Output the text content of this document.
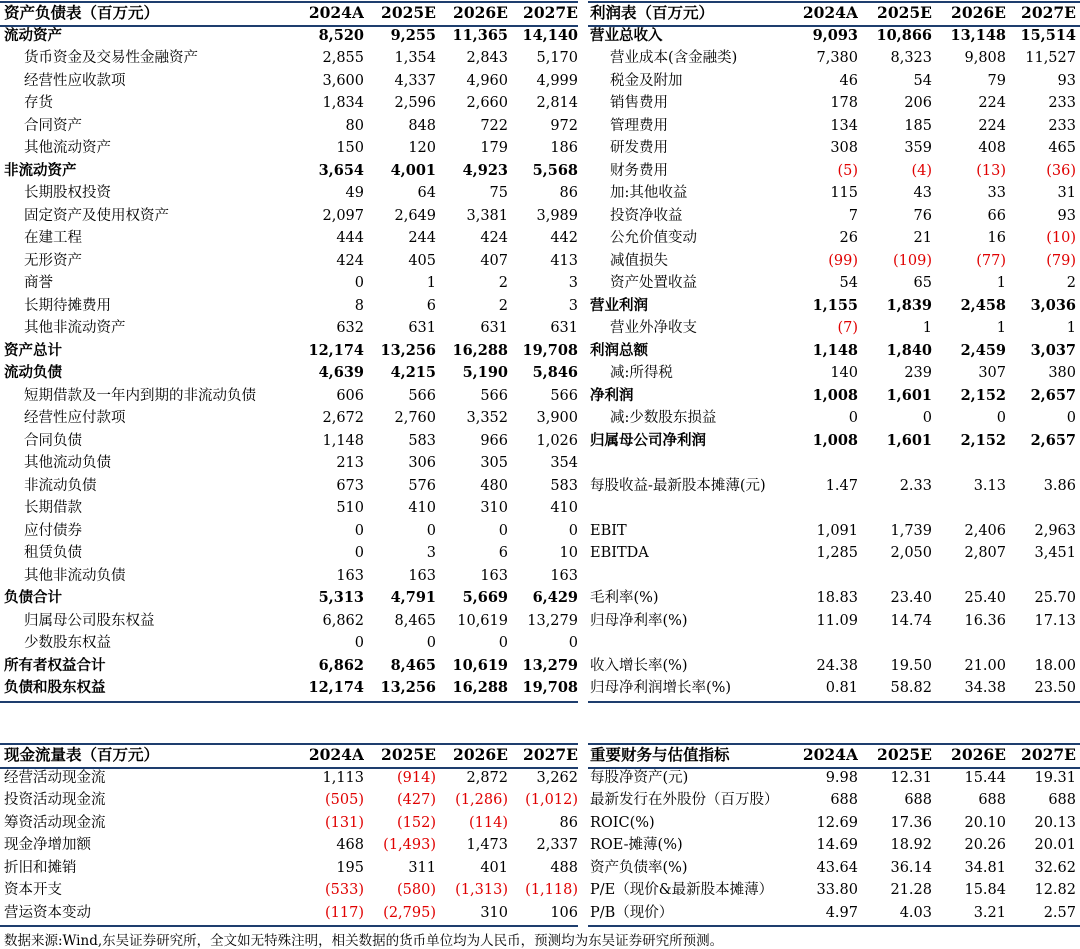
资产负债表（百万元）	2024A	2025E	2026E	2027E
流动资产	8,520	9,255	11,365	14,140
货币资金及交易性金融资产	2,855	1,354	2,843	5,170
经营性应收款项	3,600	4,337	4,960	4,999
存货	1,834	2,596	2,660	2,814
合同资产	80	848	722	972
其他流动资产	150	120	179	186
非流动资产	3,654	4,001	4,923	5,568
长期股权投资	49	64	75	86
固定资产及使用权资产	2,097	2,649	3,381	3,989
在建工程	444	244	424	442
无形资产	424	405	407	413
商誉	0	1	2	3
长期待摊费用	8	6	2	3
其他非流动资产	632	631	631	631
资产总计	12,174	13,256	16,288	19,708
流动负债	4,639	4,215	5,190	5,846
短期借款及一年内到期的非流动负债	606	566	566	566
经营性应付款项	2,672	2,760	3,352	3,900
合同负债	1,148	583	966	1,026
其他流动负债	213	306	305	354
非流动负债	673	576	480	583
长期借款	510	410	310	410
应付债券	0	0	0	0
租赁负债	0	3	6	10
其他非流动负债	163	163	163	163
负债合计	5,313	4,791	5,669	6,429
归属母公司股东权益	6,862	8,465	10,619	13,279
少数股东权益	0	0	0	0
所有者权益合计	6,862	8,465	10,619	13,279
负债和股东权益	12,174	13,256	16,288	19,708
利润表（百万元）	2024A	2025E	2026E	2027E
营业总收入	9,093	10,866	13,148	15,514
营业成本(含金融类)	7,380	8,323	9,808	11,527
税金及附加	46	54	79	93
销售费用	178	206	224	233
管理费用	134	185	224	233
研发费用	308	359	408	465
财务费用	(5)	(4)	(13)	(36)
加:其他收益	115	43	33	31
投资净收益	7	76	66	93
公允价值变动	26	21	16	(10)
减值损失	(99)	(109)	(77)	(79)
资产处置收益	54	65	1	2
营业利润	1,155	1,839	2,458	3,036
营业外净收支	(7)	1	1	1
利润总额	1,148	1,840	2,459	3,037
减:所得税	140	239	307	380
净利润	1,008	1,601	2,152	2,657
减:少数股东损益	0	0	0	0
归属母公司净利润	1,008	1,601	2,152	2,657

每股收益-最新股本摊薄(元)	1.47	2.33	3.13	3.86

EBIT	1,091	1,739	2,406	2,963
EBITDA	1,285	2,050	2,807	3,451

毛利率(%)	18.83	23.40	25.40	25.70
归母净利率(%)	11.09	14.74	16.36	17.13

收入增长率(%)	24.38	19.50	21.00	18.00
归母净利润增长率(%)	0.81	58.82	34.38	23.50
现金流量表（百万元）	2024A	2025E	2026E	2027E
经营活动现金流	1,113	(914)	2,872	3,262
投资活动现金流	(505)	(427)	(1,286)	(1,012)
筹资活动现金流	(131)	(152)	(114)	86
现金净增加额	468	(1,493)	1,473	2,337
折旧和摊销	195	311	401	488
资本开支	(533)	(580)	(1,313)	(1,118)
营运资本变动	(117)	(2,795)	310	106
重要财务与估值指标	2024A	2025E	2026E	2027E
每股净资产(元)	9.98	12.31	15.44	19.31
最新发行在外股份（百万股）	688	688	688	688
ROIC(%)	12.69	17.36	20.10	20.13
ROE-摊薄(%)	14.69	18.92	20.26	20.01
资产负债率(%)	43.64	36.14	34.81	32.62
P/E（现价&最新股本摊薄）	33.80	21.28	15.84	12.82
P/B（现价）	4.97	4.03	3.21	2.57
数据来源:Wind,东吴证券研究所，全文如无特殊注明，相关数据的货币单位均为人民币，预测均为东吴证券研究所预测。
